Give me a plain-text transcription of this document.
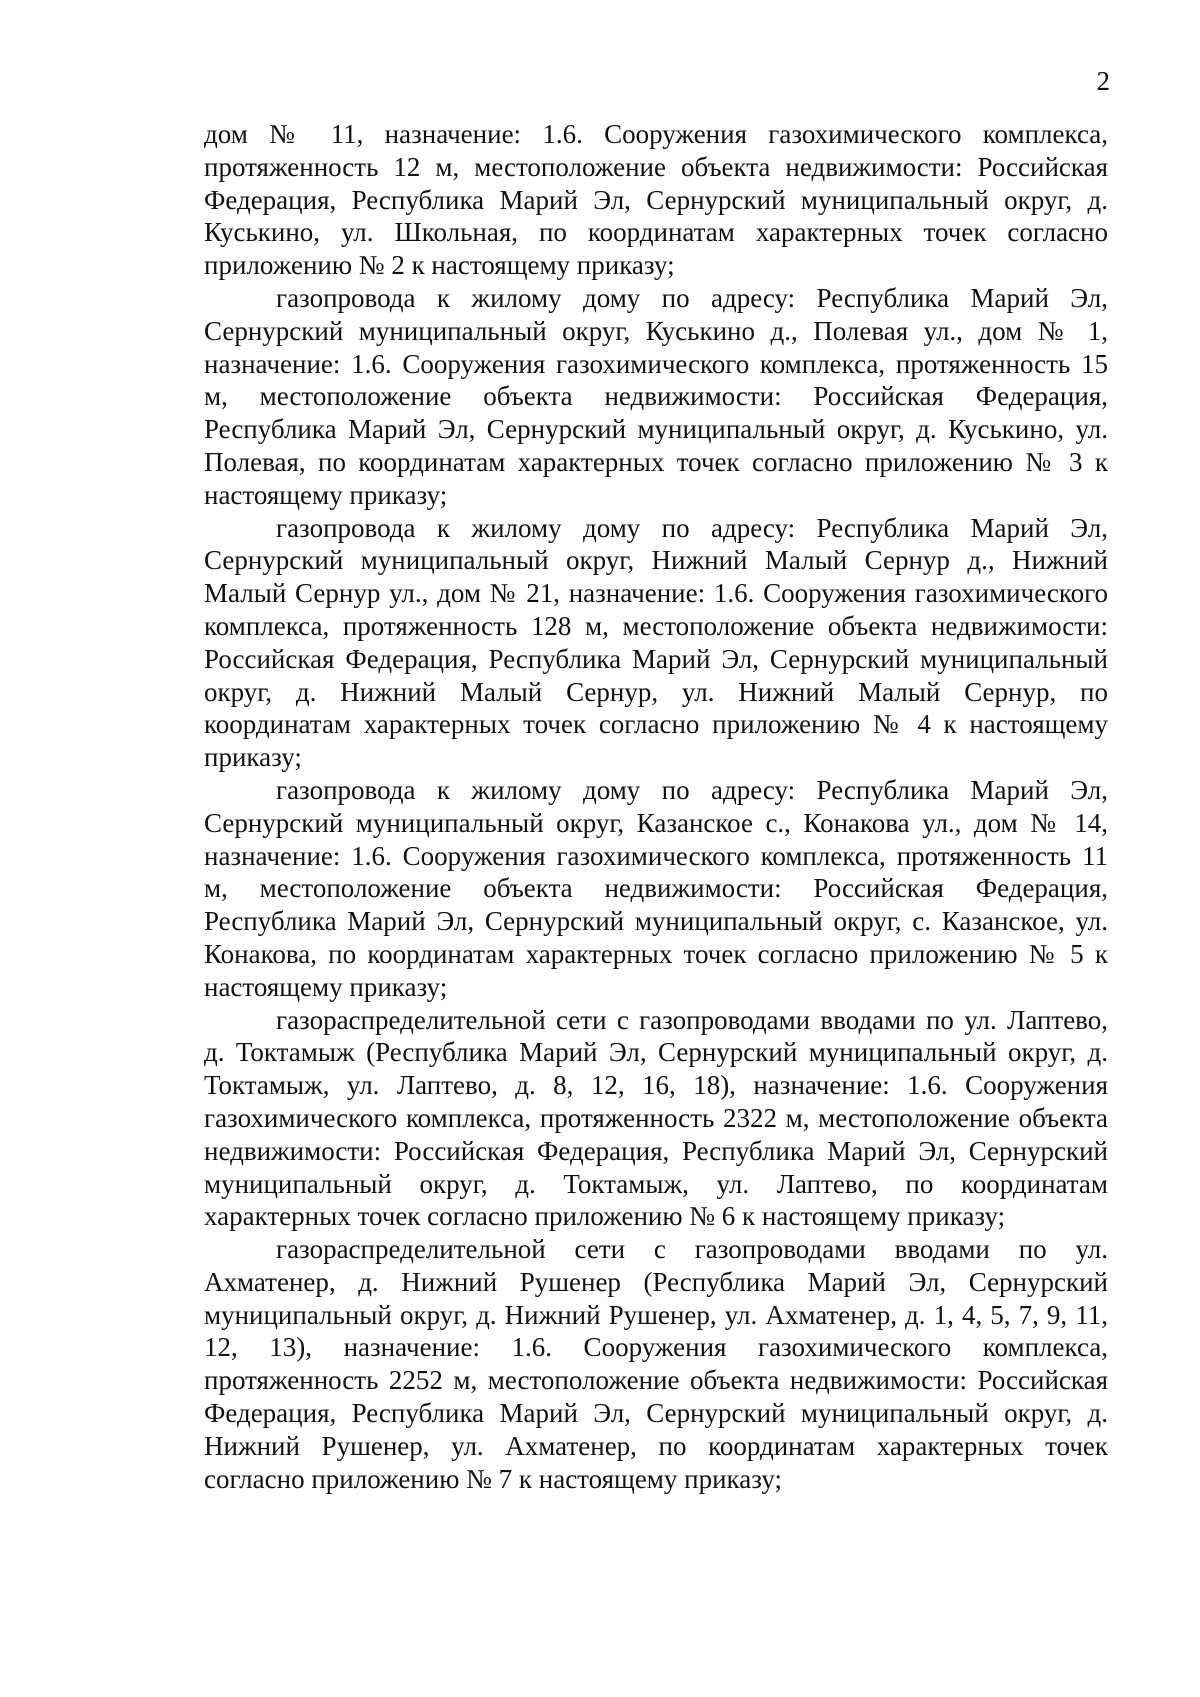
2

дом № 11, назначение: 1.6. Сооружения газохимического комплекса, протяженность 12 м, местоположение объекта недвижимости: Российская Федерация, Республика Марий Эл, Сернурский муниципальный округ, д. Куськино, ул. Школьная, по координатам характерных точек согласно приложению № 2 к настоящему приказу;

газопровода к жилому дому по адресу: Республика Марий Эл, Сернурский муниципальный округ, Куськино д., Полевая ул., дом № 1, назначение: 1.6. Сооружения газохимического комплекса, протяженность 15 м, местоположение объекта недвижимости: Российская Федерация, Республика Марий Эл, Сернурский муниципальный округ, д. Куськино, ул. Полевая, по координатам характерных точек согласно приложению № 3 к настоящему приказу;

газопровода к жилому дому по адресу: Республика Марий Эл, Сернурский муниципальный округ, Нижний Малый Сернур д., Нижний Малый Сернур ул., дом № 21, назначение: 1.6. Сооружения газохимического комплекса, протяженность 128 м, местоположение объекта недвижимости: Российская Федерация, Республика Марий Эл, Сернурский муниципальный округ, д. Нижний Малый Сернур, ул. Нижний Малый Сернур, по координатам характерных точек согласно приложению № 4 к настоящему приказу;

газопровода к жилому дому по адресу: Республика Марий Эл, Сернурский муниципальный округ, Казанское с., Конакова ул., дом № 14, назначение: 1.6. Сооружения газохимического комплекса, протяженность 11 м, местоположение объекта недвижимости: Российская Федерация, Республика Марий Эл, Сернурский муниципальный округ, с. Казанское, ул. Конакова, по координатам характерных точек согласно приложению № 5 к настоящему приказу;

газораспределительной сети с газопроводами вводами по ул. Лаптево, д. Токтамыж (Республика Марий Эл, Сернурский муниципальный округ, д. Токтамыж, ул. Лаптево, д. 8, 12, 16, 18), назначение: 1.6. Сооружения газохимического комплекса, протяженность 2322 м, местоположение объекта недвижимости: Российская Федерация, Республика Марий Эл, Сернурский муниципальный округ, д. Токтамыж, ул. Лаптево, по координатам характерных точек согласно приложению № 6 к настоящему приказу;

газораспределительной сети с газопроводами вводами по ул. Ахматенер, д. Нижний Рушенер (Республика Марий Эл, Сернурский муниципальный округ, д. Нижний Рушенер, ул. Ахматенер, д. 1, 4, 5, 7, 9, 11, 12, 13), назначение: 1.6. Сооружения газохимического комплекса, протяженность 2252 м, местоположение объекта недвижимости: Российская Федерация, Республика Марий Эл, Сернурский муниципальный округ, д. Нижний Рушенер, ул. Ахматенер, по координатам характерных точек согласно приложению № 7 к настоящему приказу;
